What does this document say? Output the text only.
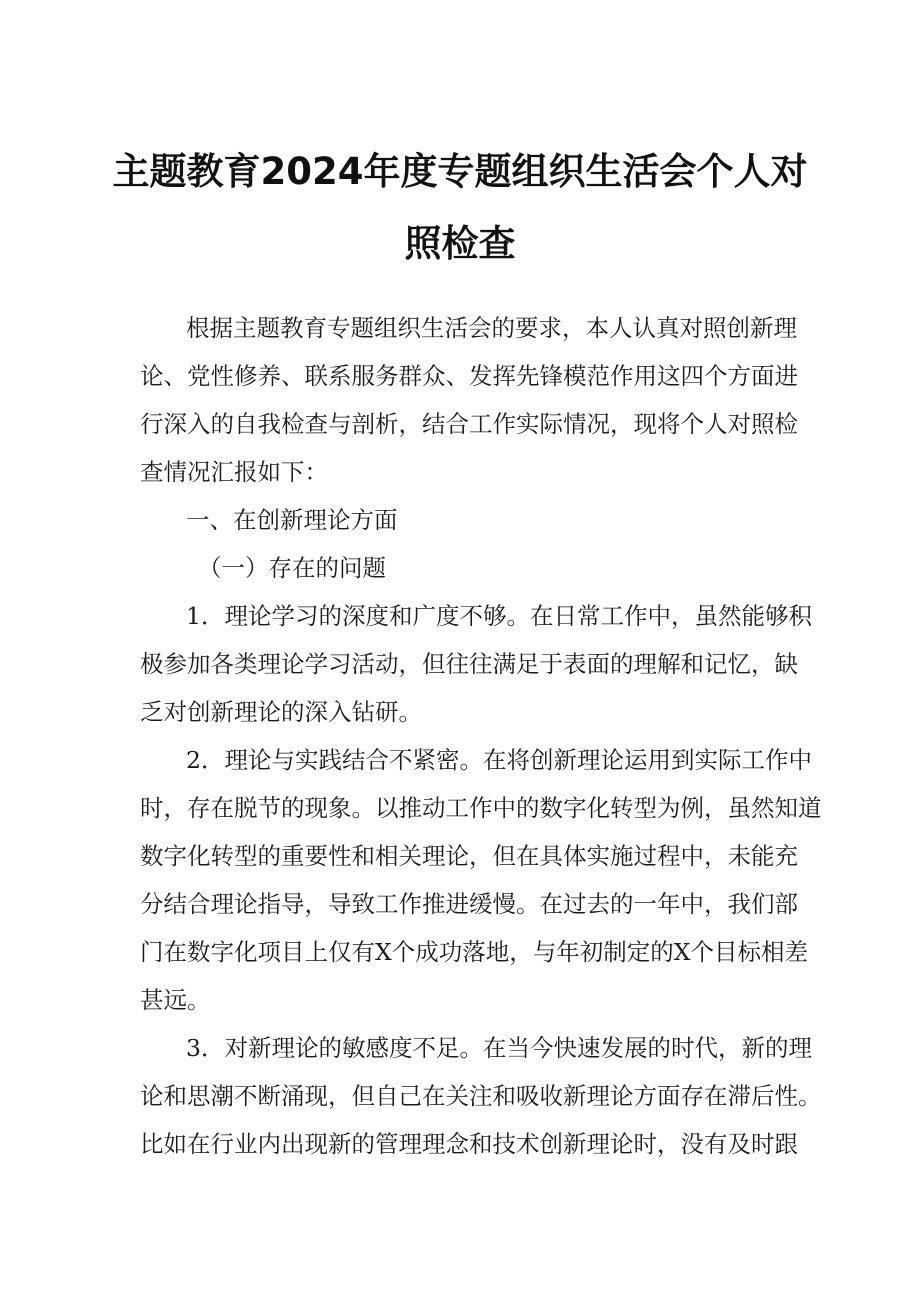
主题教育2024年度专题组织生活会个人对
照检查
根据主题教育专题组织生活会的要求，本人认真对照创新理
论、党性修养、联系服务群众、发挥先锋模范作用这四个方面进
行深入的自我检查与剖析，结合工作实际情况，现将个人对照检
查情况汇报如下：
一、在创新理论方面
（一）存在的问题
1．理论学习的深度和广度不够。在日常工作中，虽然能够积
极参加各类理论学习活动，但往往满足于表面的理解和记忆，缺
乏对创新理论的深入钻研。
2．理论与实践结合不紧密。在将创新理论运用到实际工作中
时，存在脱节的现象。以推动工作中的数字化转型为例，虽然知道
数字化转型的重要性和相关理论，但在具体实施过程中，未能充
分结合理论指导，导致工作推进缓慢。在过去的一年中，我们部
门在数字化项目上仅有X个成功落地，与年初制定的X个目标相差
甚远。
3．对新理论的敏感度不足。在当今快速发展的时代，新的理
论和思潮不断涌现，但自己在关注和吸收新理论方面存在滞后性。
比如在行业内出现新的管理理念和技术创新理论时，没有及时跟
